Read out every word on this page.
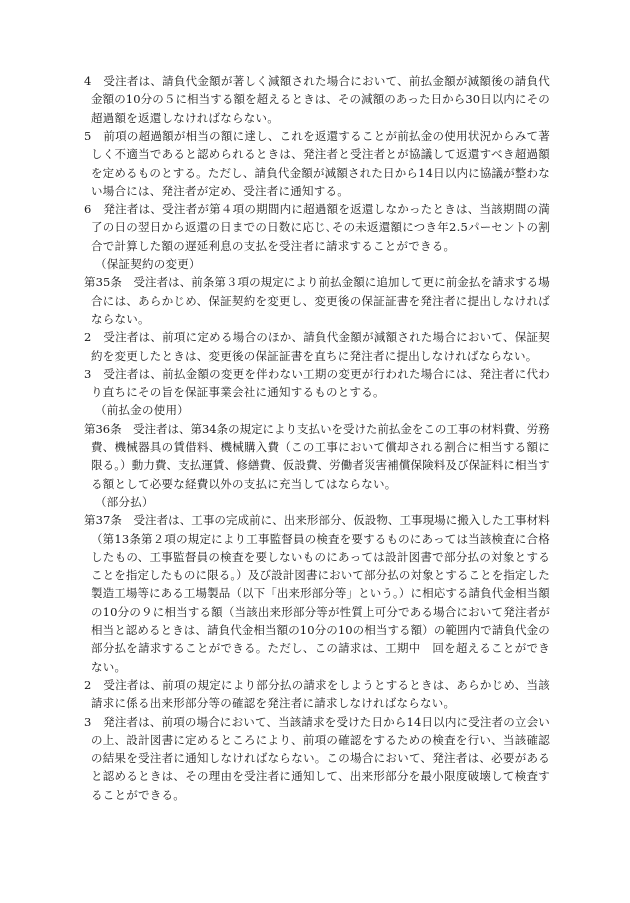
4　受注者は、請負代金額が著しく減額された場合において、前払金額が減額後の請負代
金額の10分の５に相当する額を超えるときは、その減額のあった日から30日以内にその
超過額を返還しなければならない。
5　前項の超過額が相当の額に達し、これを返還することが前払金の使用状況からみて著
しく不適当であると認められるときは、発注者と受注者とが協議して返還すべき超過額
を定めるものとする。ただし、請負代金額が減額された日から14日以内に協議が整わな
い場合には、発注者が定め、受注者に通知する。
6　発注者は、受注者が第４項の期間内に超過額を返還しなかったときは、当該期間の満
了の日の翌日から返還の日までの日数に応じ､その未返還額につき年2.5パーセントの割
合で計算した額の遅延利息の支払を受注者に請求することができる。
（保証契約の変更）
第35条　受注者は、前条第３項の規定により前払金額に追加して更に前金払を請求する場
合には、あらかじめ、保証契約を変更し、変更後の保証証書を発注者に提出しなければ
ならない。
2　受注者は、前項に定める場合のほか、請負代金額が減額された場合において、保証契
約を変更したときは、変更後の保証証書を直ちに発注者に提出しなければならない。
3　受注者は、前払金額の変更を伴わない工期の変更が行われた場合には、発注者に代わ
り直ちにその旨を保証事業会社に通知するものとする。
（前払金の使用）
第36条　受注者は、第34条の規定により支払いを受けた前払金をこの工事の材料費、労務
費、機械器具の賃借料、機械購入費（この工事において償却される割合に相当する額に
限る。）動力費、支払運賃、修繕費、仮設費、労働者災害補償保険料及び保証料に相当す
る額として必要な経費以外の支払に充当してはならない。
（部分払）
第37条　受注者は、工事の完成前に、出来形部分、仮設物、工事現場に搬入した工事材料
（第13条第２項の規定により工事監督員の検査を要するものにあっては当該検査に合格
したもの、工事監督員の検査を要しないものにあっては設計図書で部分払の対象とする
ことを指定したものに限る。）及び設計図書において部分払の対象とすることを指定した
製造工場等にある工場製品（以下「出来形部分等」という。）に相応する請負代金相当額
の10分の９に相当する額（当該出来形部分等が性質上可分である場合において発注者が
相当と認めるときは、請負代金相当額の10分の10の相当する額）の範囲内で請負代金の
部分払を請求することができる。ただし、この請求は、工期中　回を超えることができ
ない。
2　受注者は、前項の規定により部分払の請求をしようとするときは、あらかじめ、当該
請求に係る出来形部分等の確認を発注者に請求しなければならない。
3　発注者は、前項の場合において、当該請求を受けた日から14日以内に受注者の立会い
の上、設計図書に定めるところにより、前項の確認をするための検査を行い、当該確認
の結果を受注者に通知しなければならない。この場合において、発注者は、必要がある
と認めるときは、その理由を受注者に通知して、出来形部分を最小限度破壊して検査す
ることができる。
